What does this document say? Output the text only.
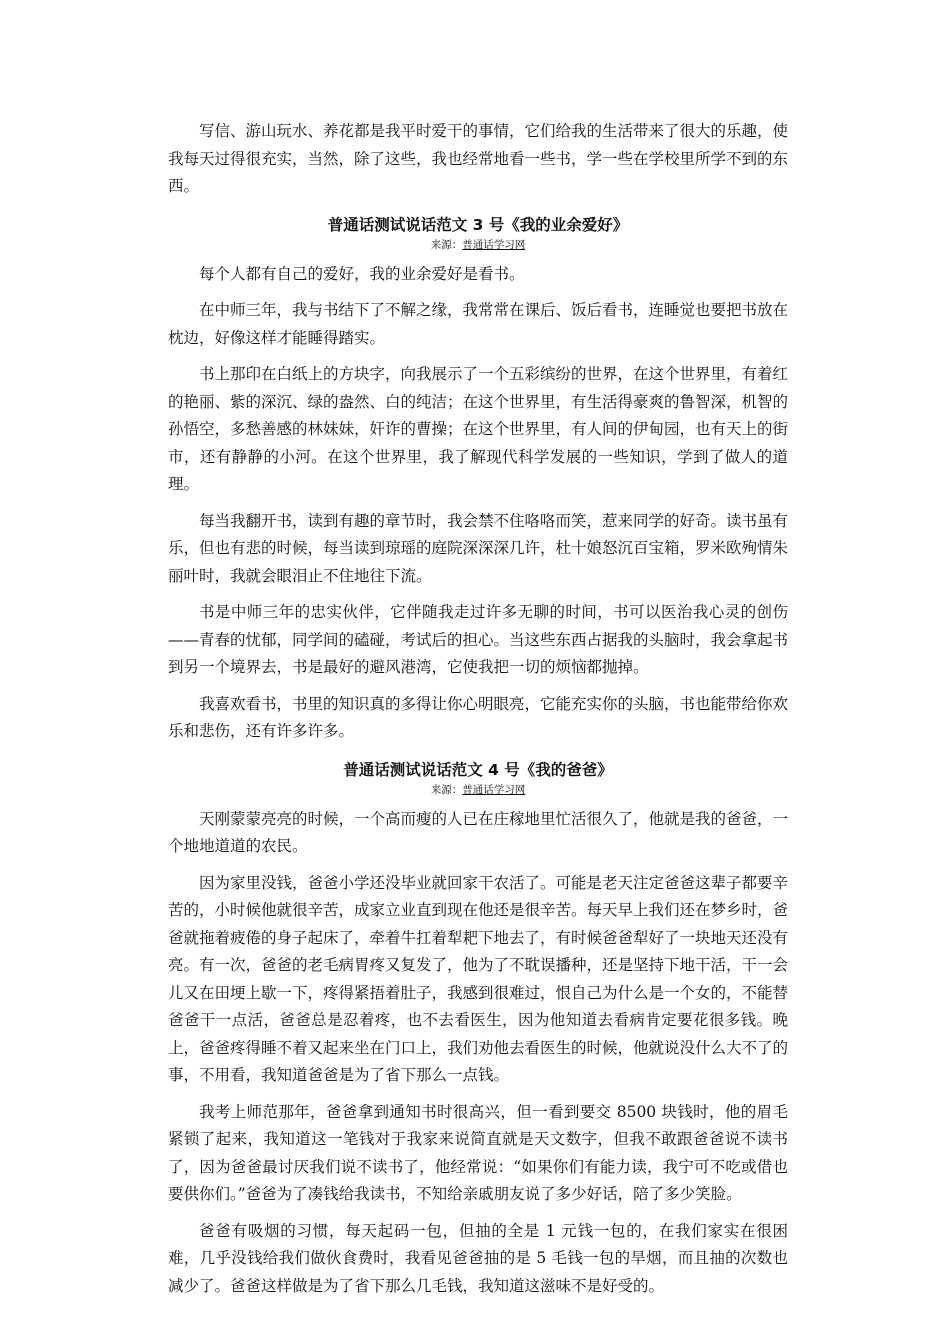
写信、游山玩水、养花都是我平时爱干的事情，它们给我的生活带来了很大的乐趣，使我每天过得很充实，当然，除了这些，我也经常地看一些书，学一些在学校里所学不到的东西。

普通话测试说话范文 3 号《我的业余爱好》
来源：普通话学习网

每个人都有自己的爱好，我的业余爱好是看书。

在中师三年，我与书结下了不解之缘，我常常在课后、饭后看书，连睡觉也要把书放在枕边，好像这样才能睡得踏实。

书上那印在白纸上的方块字，向我展示了一个五彩缤纷的世界，在这个世界里，有着红的艳丽、紫的深沉、绿的盎然、白的纯洁；在这个世界里，有生活得豪爽的鲁智深，机智的孙悟空，多愁善感的林妹妹，奸诈的曹操；在这个世界里，有人间的伊甸园，也有天上的街市，还有静静的小河。在这个世界里，我了解现代科学发展的一些知识，学到了做人的道理。

每当我翻开书，读到有趣的章节时，我会禁不住咯咯而笑，惹来同学的好奇。读书虽有乐，但也有悲的时候，每当读到琼瑶的庭院深深深几许，杜十娘怒沉百宝箱，罗米欧殉情朱丽叶时，我就会眼泪止不住地往下流。

书是中师三年的忠实伙伴，它伴随我走过许多无聊的时间，书可以医治我心灵的创伤——青春的忧郁，同学间的磕碰，考试后的担心。当这些东西占据我的头脑时，我会拿起书到另一个境界去，书是最好的避风港湾，它使我把一切的烦恼都抛掉。

我喜欢看书，书里的知识真的多得让你心明眼亮，它能充实你的头脑，书也能带给你欢乐和悲伤，还有许多许多。

普通话测试说话范文 4 号《我的爸爸》
来源：普通话学习网

天刚蒙蒙亮亮的时候，一个高而瘦的人已在庄稼地里忙活很久了，他就是我的爸爸，一个地地道道的农民。

因为家里没钱，爸爸小学还没毕业就回家干农活了。可能是老天注定爸爸这辈子都要辛苦的，小时候他就很辛苦，成家立业直到现在他还是很辛苦。每天早上我们还在梦乡时，爸爸就拖着疲倦的身子起床了，牵着牛扛着犁耙下地去了，有时候爸爸犁好了一块地天还没有亮。有一次，爸爸的老毛病胃疼又复发了，他为了不耽误播种，还是坚持下地干活，干一会儿又在田埂上歇一下，疼得紧捂着肚子，我感到很难过，恨自己为什么是一个女的，不能替爸爸干一点活，爸爸总是忍着疼，也不去看医生，因为他知道去看病肯定要花很多钱。晚上，爸爸疼得睡不着又起来坐在门口上，我们劝他去看医生的时候，他就说没什么大不了的事，不用看，我知道爸爸是为了省下那么一点钱。

我考上师范那年，爸爸拿到通知书时很高兴，但一看到要交 8500 块钱时，他的眉毛紧锁了起来，我知道这一笔钱对于我家来说简直就是天文数字，但我不敢跟爸爸说不读书了，因为爸爸最讨厌我们说不读书了，他经常说：“如果你们有能力读，我宁可不吃或借也要供你们。”爸爸为了凑钱给我读书，不知给亲戚朋友说了多少好话，陪了多少笑脸。

爸爸有吸烟的习惯，每天起码一包，但抽的全是 1 元钱一包的，在我们家实在很困难，几乎没钱给我们做伙食费时，我看见爸爸抽的是 5 毛钱一包的旱烟，而且抽的次数也减少了。爸爸这样做是为了省下那么几毛钱，我知道这滋味不是好受的。
